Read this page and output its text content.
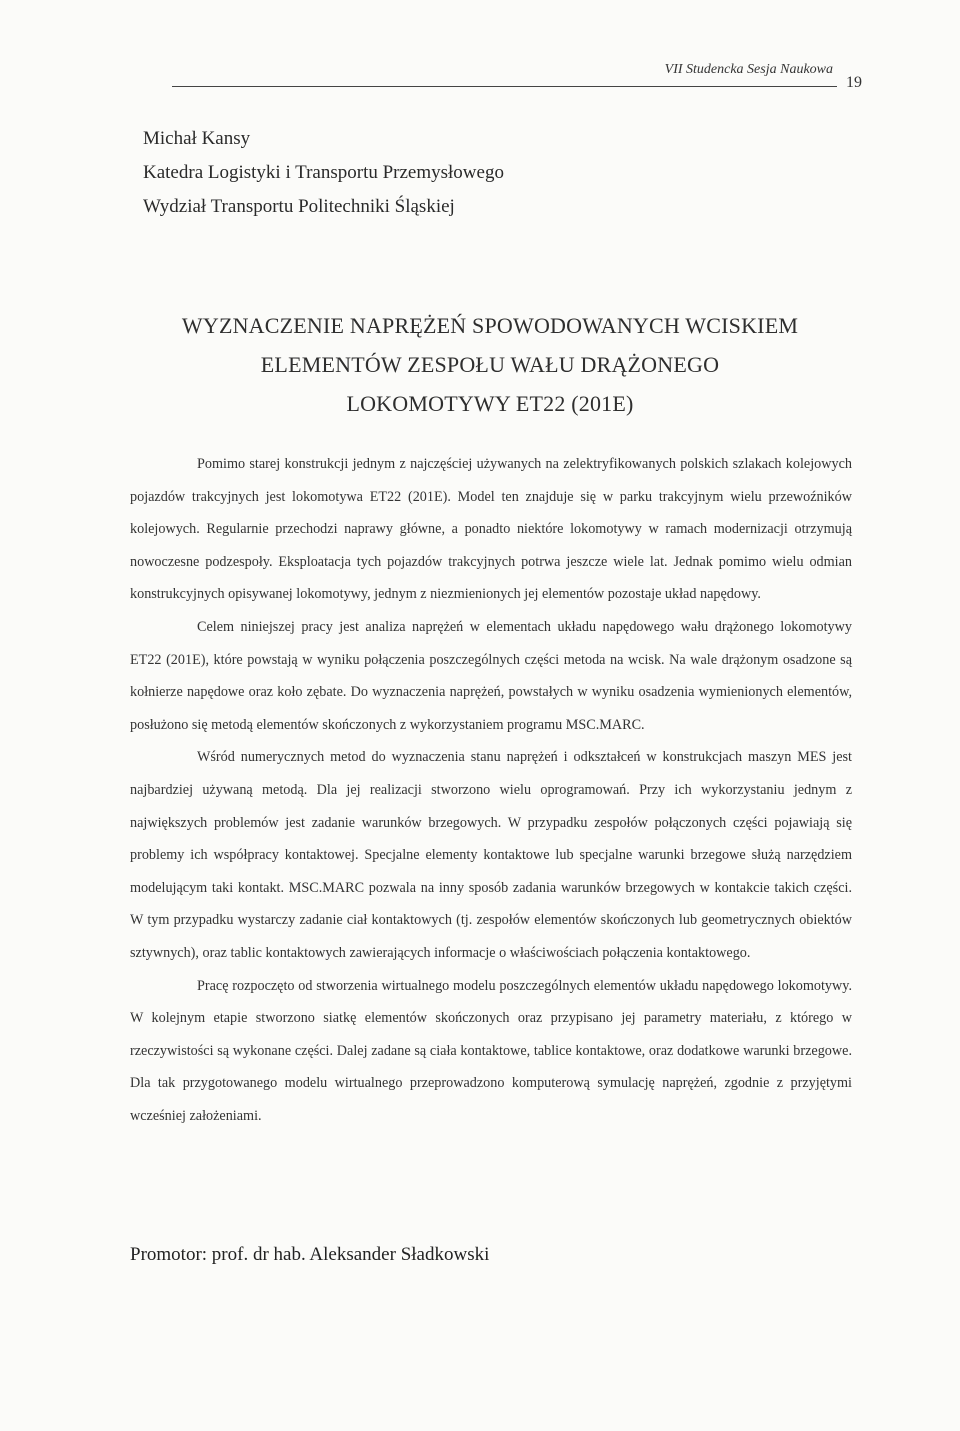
VII Studencka Sesja Naukowa
19
Michał Kansy
Katedra Logistyki i Transportu Przemysłowego
Wydział Transportu Politechniki Śląskiej
WYZNACZENIE NAPRĘŻEŃ SPOWODOWANYCH WCISKIEM
ELEMENTÓW ZESPOŁU WAŁU DRĄŻONEGO
LOKOMOTYWY ET22 (201E)

Pomimo starej konstrukcji jednym z najczęściej używanych na zelektryfikowanych polskich szlakach kolejowych pojazdów trakcyjnych jest lokomotywa ET22 (201E). Model ten znajduje się w parku trakcyjnym wielu przewoźników kolejowych. Regularnie przechodzi naprawy główne, a ponadto niektóre lokomotywy w ramach modernizacji otrzymują nowoczesne podzespoły. Eksploatacja tych pojazdów trakcyjnych potrwa jeszcze wiele lat. Jednak pomimo wielu odmian konstrukcyjnych opisywanej lokomotywy, jednym z niezmienionych jej elementów pozostaje układ napędowy.

Celem niniejszej pracy jest analiza naprężeń w elementach układu napędowego wału drążonego lokomotywy ET22 (201E), które powstają w wyniku połączenia poszczególnych części metoda na wcisk. Na wale drążonym osadzone są kołnierze napędowe oraz koło zębate. Do wyznaczenia naprężeń, powstałych w wyniku osadzenia wymienionych elementów, posłużono się metodą elementów skończonych z wykorzystaniem programu MSC.MARC.

Wśród numerycznych metod do wyznaczenia stanu naprężeń i odkształceń w konstrukcjach maszyn MES jest najbardziej używaną metodą. Dla jej realizacji stworzono wielu oprogramowań. Przy ich wykorzystaniu jednym z największych problemów jest zadanie warunków brzegowych. W przypadku zespołów połączonych części pojawiają się problemy ich współpracy kontaktowej. Specjalne elementy kontaktowe lub specjalne warunki brzegowe służą narzędziem modelującym taki kontakt. MSC.MARC pozwala na inny sposób zadania warunków brzegowych w kontakcie takich części. W tym przypadku wystarczy zadanie ciał kontaktowych (tj. zespołów elementów skończonych lub geometrycznych obiektów sztywnych), oraz tablic kontaktowych zawierających informacje o właściwościach połączenia kontaktowego.

Pracę rozpoczęto od stworzenia wirtualnego modelu poszczególnych elementów układu napędowego lokomotywy. W kolejnym etapie stworzono siatkę elementów skończonych oraz przypisano jej parametry materiału, z którego w rzeczywistości są wykonane części. Dalej zadane są ciała kontaktowe, tablice kontaktowe, oraz dodatkowe warunki brzegowe. Dla tak przygotowanego modelu wirtualnego przeprowadzono komputerową symulację naprężeń, zgodnie z przyjętymi wcześniej założeniami.

Promotor: prof. dr hab. Aleksander Sładkowski
